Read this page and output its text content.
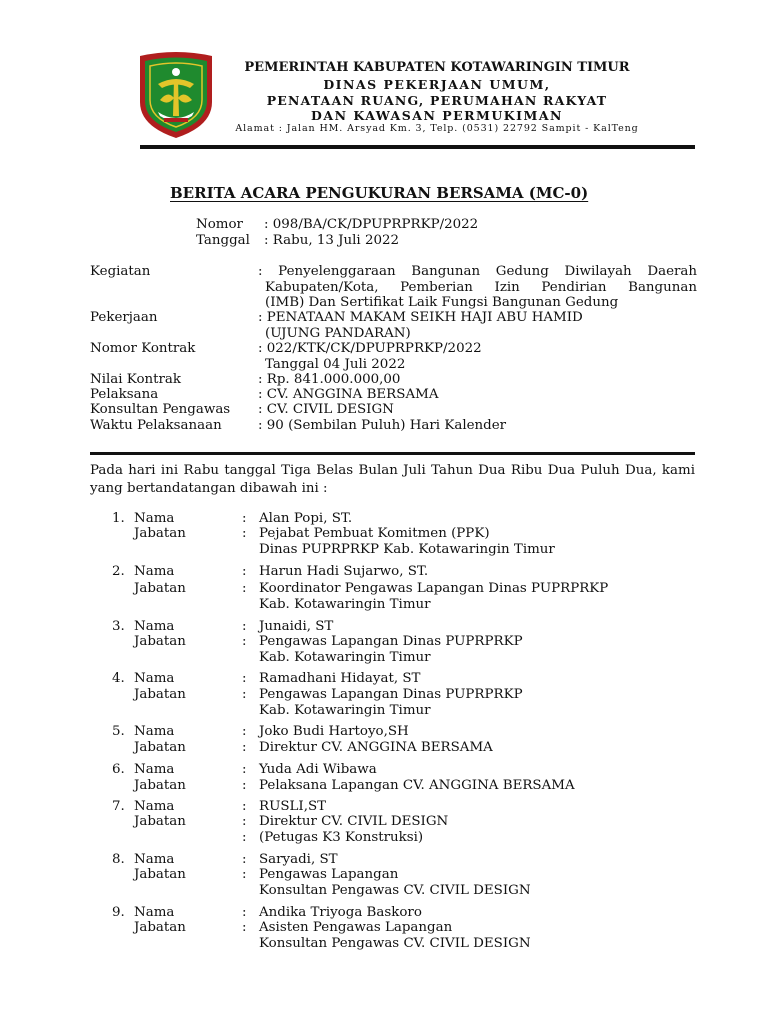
PEMERINTAH KABUPATEN KOTAWARINGIN TIMUR
DINAS PEKERJAAN UMUM,
PENATAAN RUANG, PERUMAHAN RAKYAT
DAN KAWASAN PERMUKIMAN
Alamat : Jalan HM. Arsyad Km. 3, Telp. (0531) 22792 Sampit - KalTeng
BERITA ACARA PENGUKURAN BERSAMA (MC-0)
Nomor : 098/BA/CK/DPUPRPRKP/2022
Tanggal : Rabu, 13 Juli 2022
Kegiatan	: Penyelenggaraan Bangunan Gedung Diwilayah Daerah
Kabupaten/Kota, Pemberian Izin Pendirian Bangunan
(IMB) Dan Sertifikat Laik Fungsi Bangunan Gedung
Pekerjaan	: PENATAAN MAKAM SEIKH HAJI ABU HAMID
(UJUNG PANDARAN)
Nomor Kontrak	: 022/KTK/CK/DPUPRPRKP/2022
Tanggal 04 Juli 2022
Nilai Kontrak	: Rp. 841.000.000,00
Pelaksana	: CV. ANGGINA BERSAMA
Konsultan Pengawas : CV. CIVIL DESIGN
Waktu Pelaksanaan	: 90 (Sembilan Puluh) Hari Kalender
Pada hari ini Rabu tanggal Tiga Belas Bulan Juli Tahun Dua Ribu Dua Puluh Dua, kami yang bertandatangan dibawah ini :
1. Nama	: Alan Popi, ST.
Jabatan	: Pejabat Pembuat Komitmen (PPK)
Dinas PUPRPRKP Kab. Kotawaringin Timur
2. Nama	: Harun Hadi Sujarwo, ST.
Jabatan	: Koordinator Pengawas Lapangan Dinas PUPRPRKP
Kab. Kotawaringin Timur
3. Nama	: Junaidi, ST
Jabatan	: Pengawas Lapangan Dinas PUPRPRKP
Kab. Kotawaringin Timur
4. Nama	: Ramadhani Hidayat, ST
Jabatan	: Pengawas Lapangan Dinas PUPRPRKP
Kab. Kotawaringin Timur
5. Nama	: Joko Budi Hartoyo,SH
Jabatan	: Direktur CV. ANGGINA BERSAMA
6. Nama	: Yuda Adi Wibawa
Jabatan	: Pelaksana Lapangan CV. ANGGINA BERSAMA
7. Nama	: RUSLI,ST
Jabatan	: Direktur CV. CIVIL DESIGN
: (Petugas K3 Konstruksi)
8. Nama	: Saryadi, ST
Jabatan	: Pengawas Lapangan
Konsultan Pengawas CV. CIVIL DESIGN
9. Nama	: Andika Triyoga Baskoro
Jabatan	: Asisten Pengawas Lapangan
Konsultan Pengawas CV. CIVIL DESIGN
